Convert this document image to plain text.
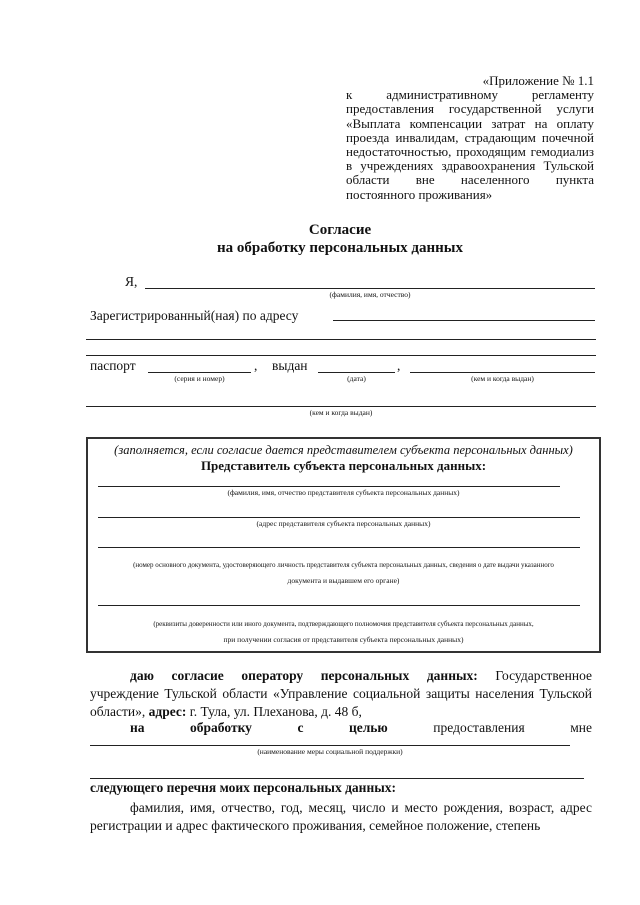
«Приложение № 1.1
к административному регламенту предоставления государственной услуги «Выплата компенсации затрат на оплату проезда инвалидам, страдающим почечной недостаточностью, проходящим гемодиализ в учреждениях здравоохранения Тульской области вне населенного пункта постоянного проживания»
Согласие
на обработку персональных данных
Я,
(фамилия, имя, отчество)
Зарегистрированный(ная) по адресу
паспорт	, выдан	,
(серия и номер)	(дата)	(кем и когда выдан)
(кем и когда выдан)
(заполняется, если согласие дается представителем субъекта персональных данных)
Представитель субъекта персональных данных:
(фамилия, имя, отчество представителя субъекта персональных данных)
(адрес представителя субъекта персональных данных)
(номер основного документа, удостоверяющего личность представителя субъекта персональных данных, сведения о дате выдачи указанного
документа и выдавшем его органе)
(реквизиты доверенности или иного документа, подтверждающего полномочия представителя субъекта персональных данных,
при получении согласия от представителя субъекта персональных данных)
даю согласие оператору персональных данных: Государственное учреждение Тульской области «Управление социальной защиты населения Тульской области», адрес: г. Тула, ул. Плеханова, д. 48 б,
на	обработку	с	целью	предоставления	мне
(наименование меры социальной поддержки)
следующего перечня моих персональных данных:
фамилия, имя, отчество, год, месяц, число и место рождения, возраст, адрес регистрации и адрес фактического проживания, семейное положение, степень
